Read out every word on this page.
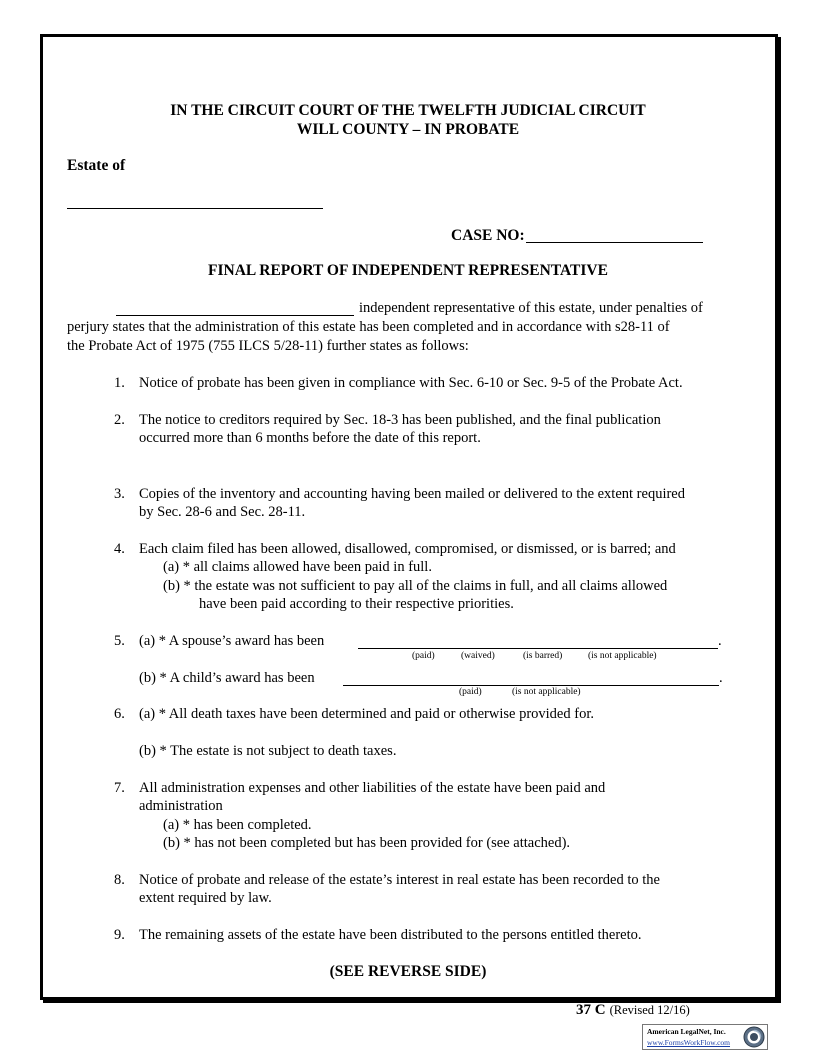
IN THE CIRCUIT COURT OF THE TWELFTH JUDICIAL CIRCUIT
WILL COUNTY – IN PROBATE
Estate of
CASE NO:
FINAL REPORT OF INDEPENDENT REPRESENTATIVE
independent representative of this estate, under penalties of
perjury states that the administration of this estate has been completed and in accordance with s28-11 of
the Probate Act of 1975 (755 ILCS 5/28-11) further states as follows:
1. Notice of probate has been given in compliance with Sec. 6-10 or Sec. 9-5 of the Probate Act.
2. The notice to creditors required by Sec. 18-3 has been published, and the final publication
occurred more than 6 months before the date of this report.
3. Copies of the inventory and accounting having been mailed or delivered to the extent required
by Sec. 28-6 and Sec. 28-11.
4. Each claim filed has been allowed, disallowed, compromised, or dismissed, or is barred; and
(a) * all claims allowed have been paid in full.
(b) * the estate was not sufficient to pay all of the claims in full, and all claims allowed
have been paid according to their respective priorities.
5. (a) * A spouse’s award has been	.
(paid)	(waived)	(is barred)	(is not applicable)
(b) * A child’s award has been	.
(paid)	(is not applicable)
6. (a) * All death taxes have been determined and paid or otherwise provided for.
(b) * The estate is not subject to death taxes.
7. All administration expenses and other liabilities of the estate have been paid and
administration
(a) * has been completed.
(b) * has not been completed but has been provided for (see attached).
8. Notice of probate and release of the estate’s interest in real estate has been recorded to the
extent required by law.
9. The remaining assets of the estate have been distributed to the persons entitled thereto.
(SEE REVERSE SIDE)
37 C (Revised 12/16)
American LegalNet, Inc.
www.FormsWorkFlow.com
